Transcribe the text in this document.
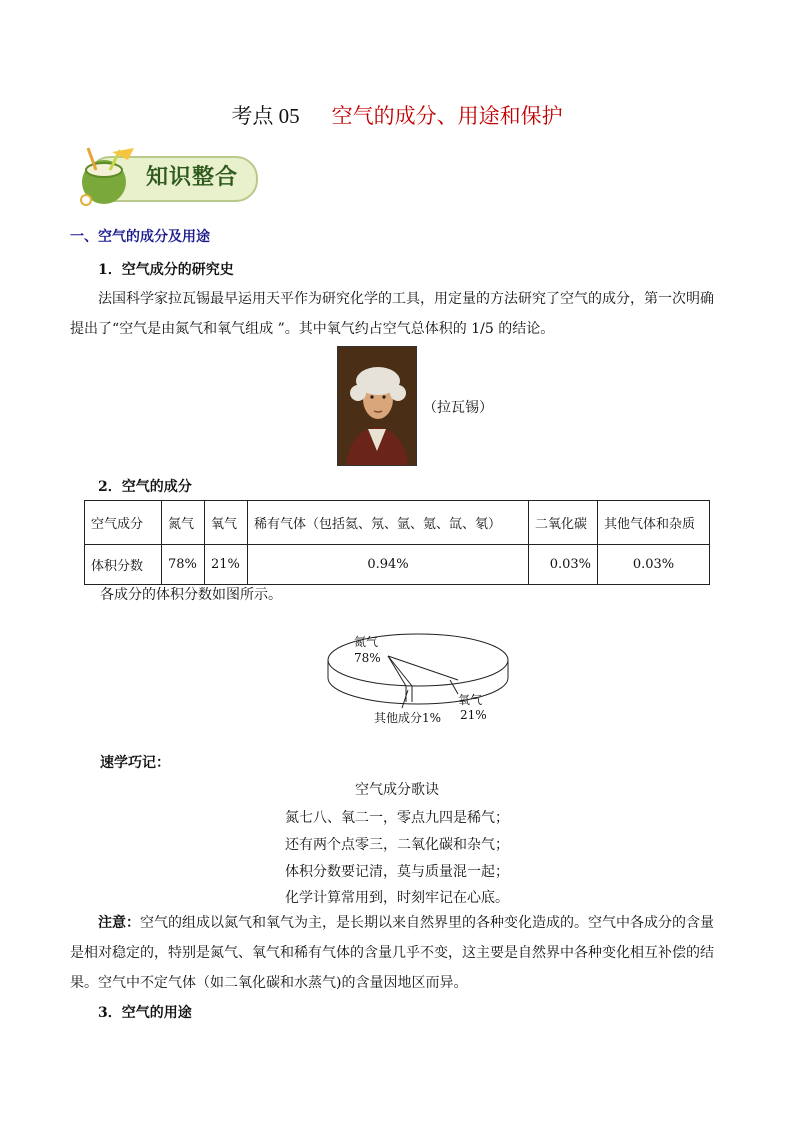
考点 05 空气的成分、用途和保护
知识整合
一、空气的成分及用途
1．空气成分的研究史
法国科学家拉瓦锡最早运用天平作为研究化学的工具，用定量的方法研究了空气的成分，第一次明确提出了“空气是由氮气和氧气组成 ”。其中氧气约占空气总体积的 1/5 的结论。
（拉瓦锡）
2．空气的成分
空气成分	氮气	氧气	稀有气体（包括氦、氖、氩、氪、氙、氡）	二氧化碳	其他气体和杂质
体积分数	78%	21%	0.94%	0.03%	0.03%
各成分的体积分数如图所示。
氮气
78%
氧气
21%
其他成分1%
速学巧记：
空气成分歌诀
氮七八、氧二一，零点九四是稀气；
还有两个点零三，二氧化碳和杂气；
体积分数要记清，莫与质量混一起；
化学计算常用到，时刻牢记在心底。
注意：空气的组成以氮气和氧气为主，是长期以来自然界里的各种变化造成的。空气中各成分的含量是相对稳定的，特别是氮气、氧气和稀有气体的含量几乎不变，这主要是自然界中各种变化相互补偿的结果。空气中不定气体（如二氧化碳和水蒸气)的含量因地区而异。
3．空气的用途
